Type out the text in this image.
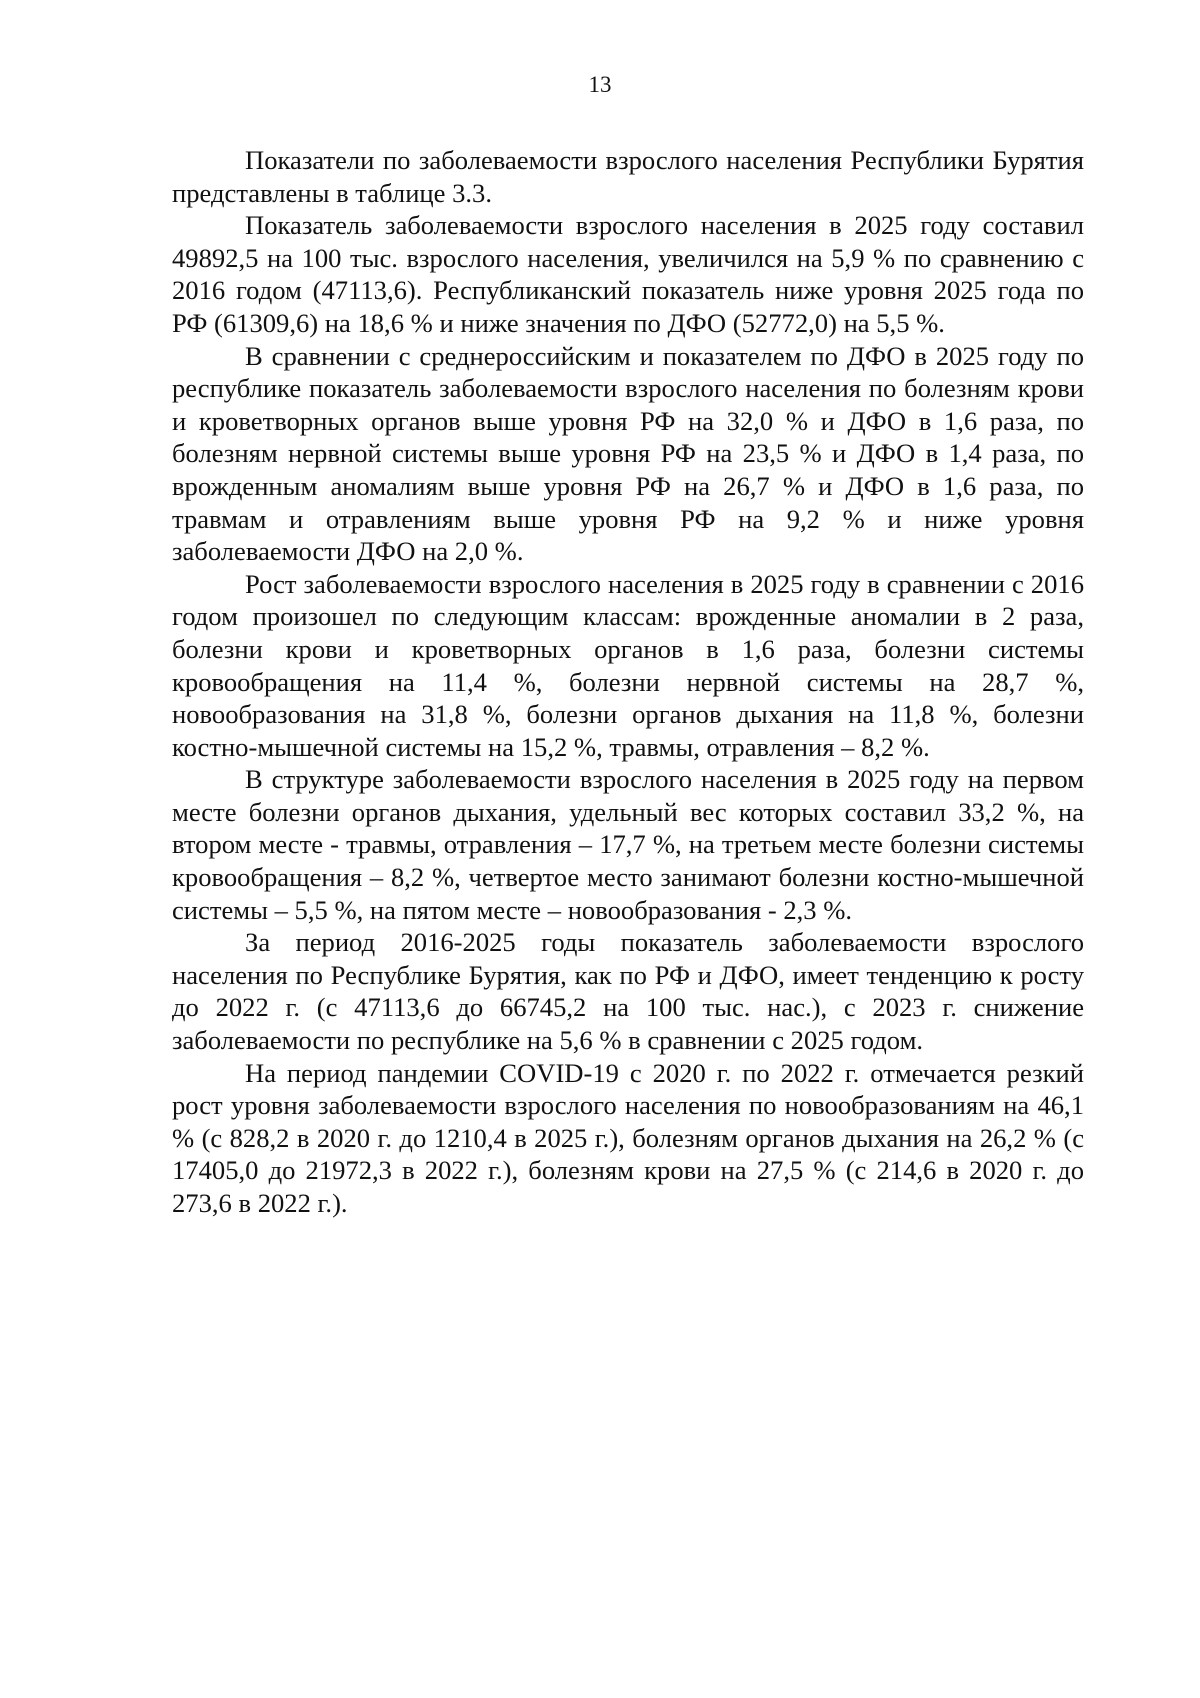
13

Показатели по заболеваемости взрослого населения Республики Бурятия представлены в таблице 3.3.

Показатель заболеваемости взрослого населения в 2025 году составил 49892,5 на 100 тыс. взрослого населения, увеличился на 5,9 % по сравнению с 2016 годом (47113,6). Республиканский показатель ниже уровня 2025 года по РФ (61309,6) на 18,6 % и ниже значения по ДФО (52772,0) на 5,5 %.

В сравнении с среднероссийским и показателем по ДФО в 2025 году по республике показатель заболеваемости взрослого населения по болезням крови и кроветворных органов выше уровня РФ на 32,0 % и ДФО в 1,6 раза, по болезням нервной системы выше уровня РФ на 23,5 % и ДФО в 1,4 раза, по врожденным аномалиям выше уровня РФ на 26,7 % и ДФО в 1,6 раза, по травмам и отравлениям выше уровня РФ на 9,2 % и ниже уровня заболеваемости ДФО на 2,0 %.

Рост заболеваемости взрослого населения в 2025 году в сравнении с 2016 годом произошел по следующим классам: врожденные аномалии в 2 раза, болезни крови и кроветворных органов в 1,6 раза, болезни системы кровообращения на 11,4 %, болезни нервной системы на 28,7 %, новообразования на 31,8 %, болезни органов дыхания на 11,8 %, болезни костно-мышечной системы на 15,2 %, травмы, отравления – 8,2 %.

В структуре заболеваемости взрослого населения в 2025 году на первом месте болезни органов дыхания, удельный вес которых составил 33,2 %, на втором месте - травмы, отравления – 17,7 %, на третьем месте болезни системы кровообращения – 8,2 %, четвертое место занимают болезни костно-мышечной системы – 5,5 %, на пятом месте – новообразования - 2,3 %.

За период 2016-2025 годы показатель заболеваемости взрослого населения по Республике Бурятия, как по РФ и ДФО, имеет тенденцию к росту до 2022 г. (с 47113,6 до 66745,2 на 100 тыс. нас.), с 2023 г. снижение заболеваемости по республике на 5,6 % в сравнении с 2025 годом.

На период пандемии COVID-19 с 2020 г. по 2022 г. отмечается резкий рост уровня заболеваемости взрослого населения по новообразованиям на 46,1 % (с 828,2 в 2020 г. до 1210,4 в 2025 г.), болезням органов дыхания на 26,2 % (с 17405,0 до 21972,3 в 2022 г.), болезням крови на 27,5 % (с 214,6 в 2020 г. до 273,6 в 2022 г.).
